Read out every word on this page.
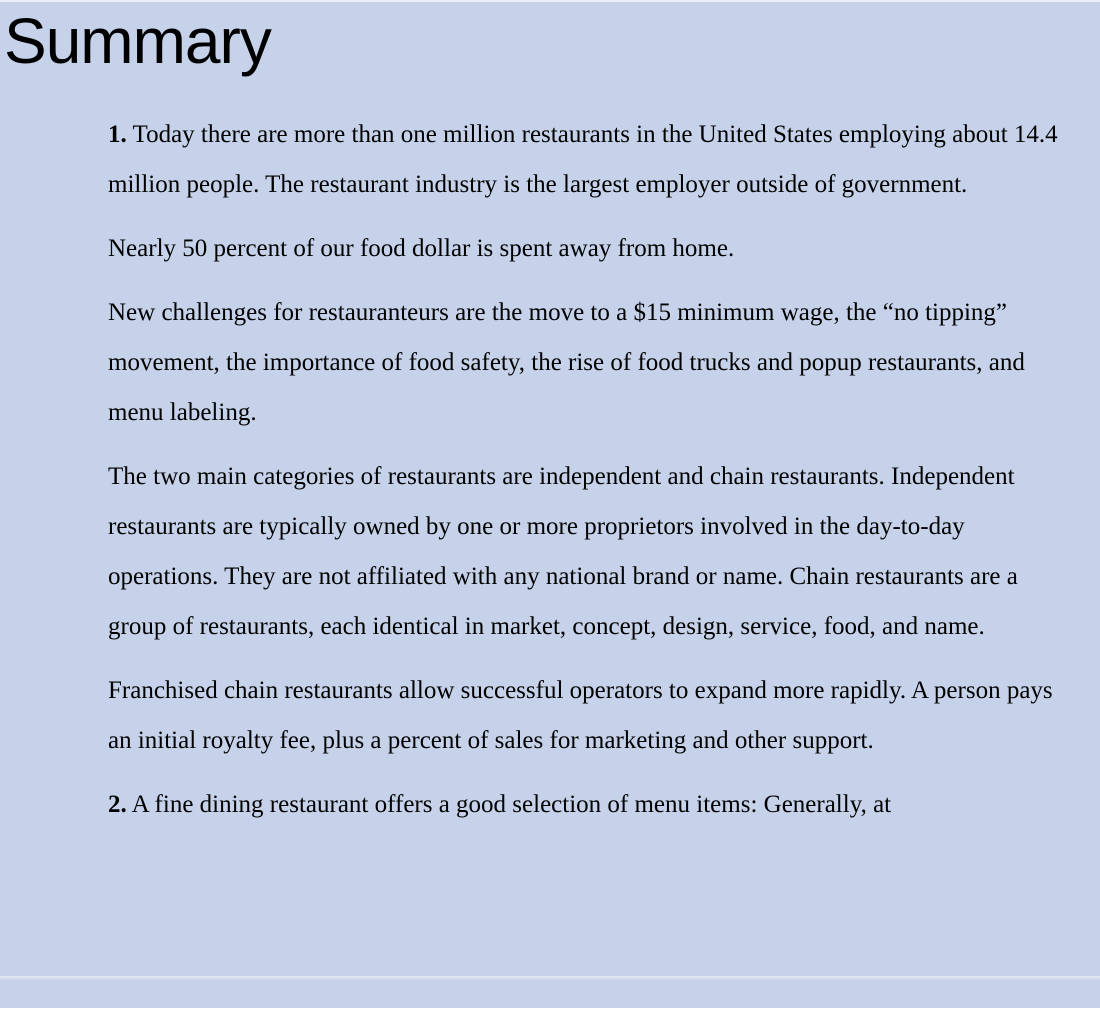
Summary

1. Today there are more than one million restaurants in the United States employing about 14.4 million people. The restaurant industry is the largest employer outside of government.

Nearly 50 percent of our food dollar is spent away from home.

New challenges for restauranteurs are the move to a $15 minimum wage, the “no tipping” movement, the importance of food safety, the rise of food trucks and popup restaurants, and menu labeling.

The two main categories of restaurants are independent and chain restaurants. Independent restaurants are typically owned by one or more proprietors involved in the day-to-day operations. They are not affiliated with any national brand or name. Chain restaurants are a group of restaurants, each identical in market, concept, design, service, food, and name.

Franchised chain restaurants allow successful operators to expand more rapidly. A person pays an initial royalty fee, plus a percent of sales for marketing and other support.

2. A fine dining restaurant offers a good selection of menu items: Generally, at
